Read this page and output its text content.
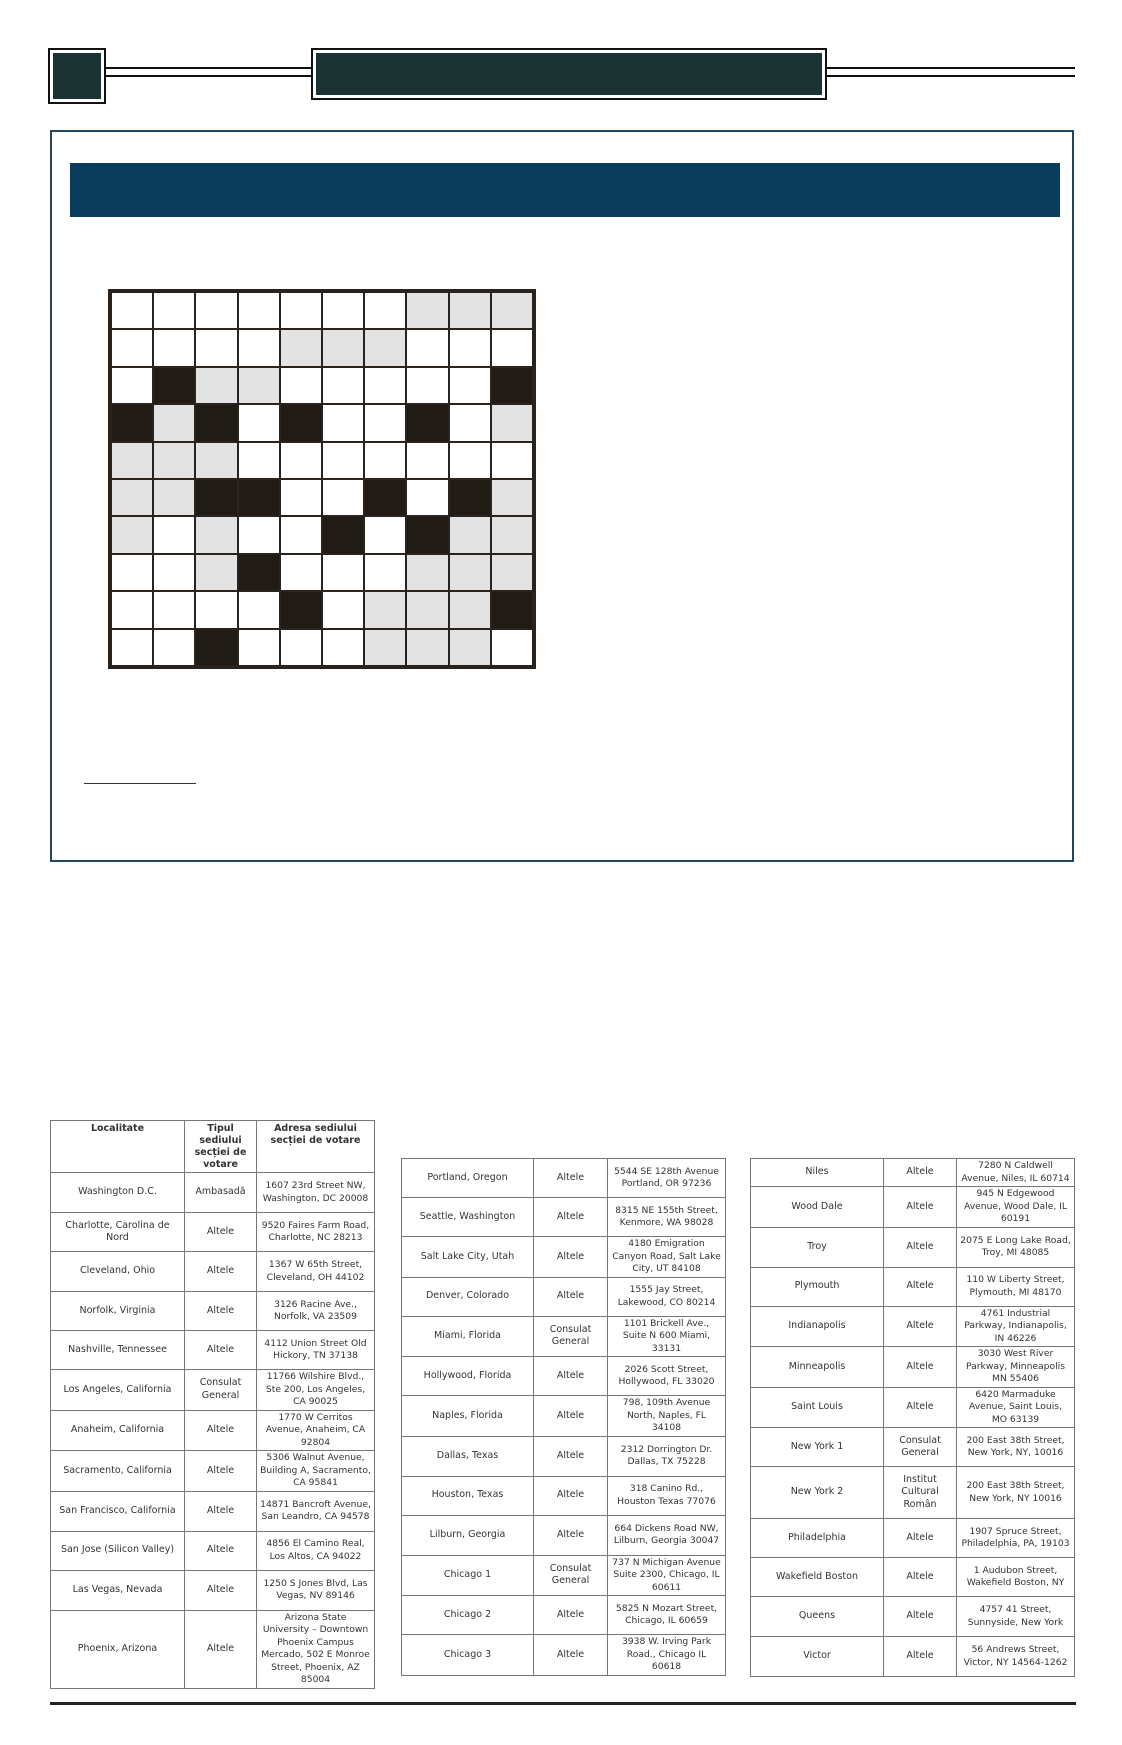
Localitate	Tipul sediului secției de votare	Adresa sediului secției de votare
Washington D.C.	Ambasadă	1607 23rd Street NW, Washington, DC 20008
Charlotte, Carolina de Nord	Altele	9520 Faires Farm Road, Charlotte, NC 28213
Cleveland, Ohio	Altele	1367 W 65th Street, Cleveland, OH 44102
Norfolk, Virginia	Altele	3126 Racine Ave., Norfolk, VA 23509
Nashville, Tennessee	Altele	4112 Union Street Old Hickory, TN 37138
Los Angeles, California	Consulat General	11766 Wilshire Blvd., Ste 200, Los Angeles, CA 90025
Anaheim, California	Altele	1770 W Cerritos Avenue, Anaheim, CA 92804
Sacramento, California	Altele	5306 Walnut Avenue, Building A, Sacramento, CA 95841
San Francisco, California	Altele	14871 Bancroft Avenue, San Leandro, CA 94578
San Jose (Silicon Valley)	Altele	4856 El Camino Real, Los Altos, CA 94022
Las Vegas, Nevada	Altele	1250 S Jones Blvd, Las Vegas, NV 89146
Phoenix, Arizona	Altele	Arizona State University – Downtown Phoenix Campus Mercado, 502 E Monroe Street, Phoenix, AZ 85004
Portland, Oregon	Altele	5544 SE 128th Avenue Portland, OR 97236
Seattle, Washington	Altele	8315 NE 155th Street, Kenmore, WA 98028
Salt Lake City, Utah	Altele	4180 Emigration Canyon Road, Salt Lake City, UT 84108
Denver, Colorado	Altele	1555 Jay Street, Lakewood, CO 80214
Miami, Florida	Consulat General	1101 Brickell Ave., Suite N 600 Miami, 33131
Hollywood, Florida	Altele	2026 Scott Street, Hollywood, FL 33020
Naples, Florida	Altele	798, 109th Avenue North, Naples, FL 34108
Dallas, Texas	Altele	2312 Dorrington Dr. Dallas, TX 75228
Houston, Texas	Altele	318 Canino Rd., Houston Texas 77076
Lilburn, Georgia	Altele	664 Dickens Road NW, Lilburn, Georgia 30047
Chicago 1	Consulat General	737 N Michigan Avenue Suite 2300, Chicago, IL 60611
Chicago 2	Altele	5825 N Mozart Street, Chicago, IL 60659
Chicago 3	Altele	3938 W. Irving Park Road., Chicago IL 60618
Niles	Altele	7280 N Caldwell Avenue, Niles, IL 60714
Wood Dale	Altele	945 N Edgewood Avenue, Wood Dale, IL 60191
Troy	Altele	2075 E Long Lake Road, Troy, MI 48085
Plymouth	Altele	110 W Liberty Street, Plymouth, MI 48170
Indianapolis	Altele	4761 Industrial Parkway, Indianapolis, IN 46226
Minneapolis	Altele	3030 West River Parkway, Minneapolis MN 55406
Saint Louis	Altele	6420 Marmaduke Avenue, Saint Louis, MO 63139
New York 1	Consulat General	200 East 38th Street, New York, NY, 10016
New York 2	Institut Cultural Român	200 East 38th Street, New York, NY 10016
Philadelphia	Altele	1907 Spruce Street, Philadelphia, PA, 19103
Wakefield Boston	Altele	1 Audubon Street, Wakefield Boston, NY
Queens	Altele	4757 41 Street, Sunnyside, New York
Victor	Altele	56 Andrews Street, Victor, NY 14564-1262
